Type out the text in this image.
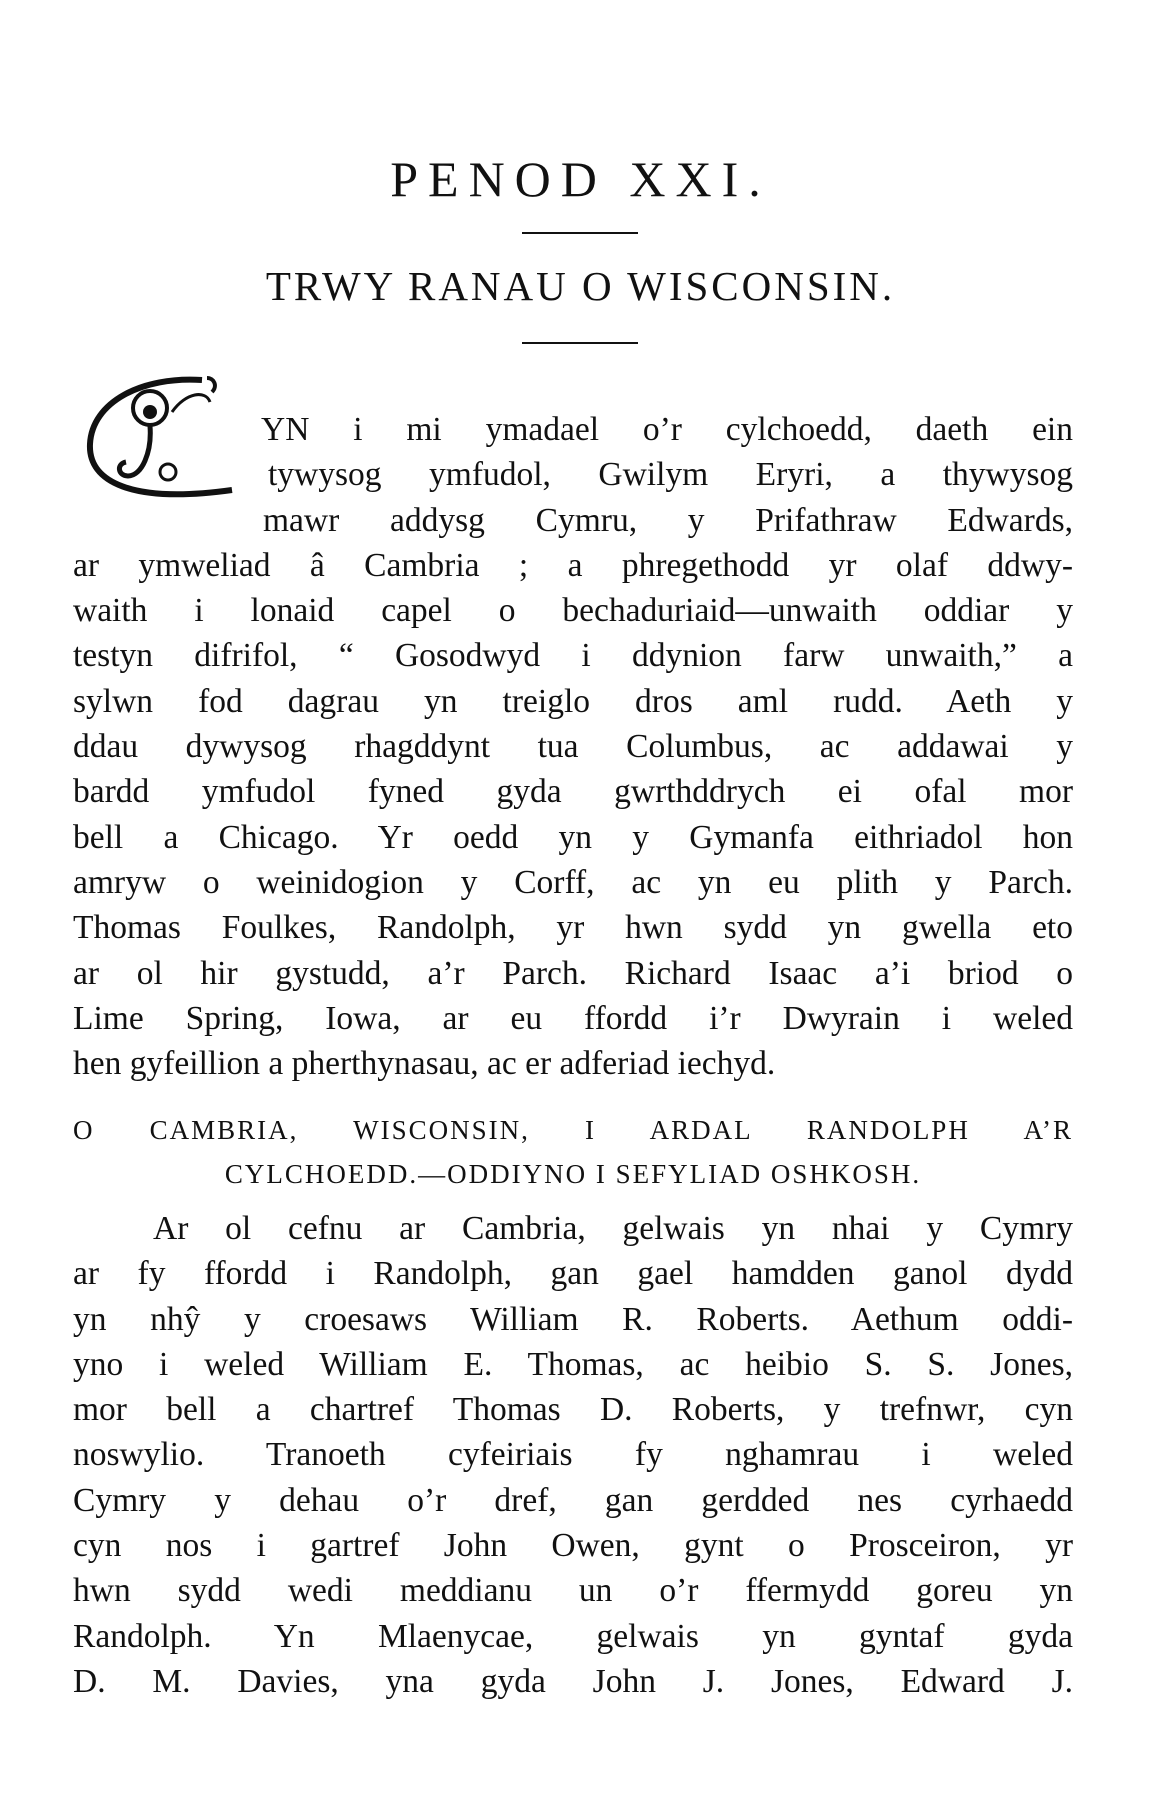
PENOD XXI.
TRWY RANAU O WISCONSIN.
YN i mi ymadael o’r cylchoedd, daeth ein
tywysog ymfudol, Gwilym Eryri, a thywysog
mawr addysg Cymru, y Prifathraw Edwards,
ar ymweliad â Cambria ; a phregethodd yr olaf ddwy-
waith i lonaid capel o bechaduriaid—unwaith oddiar y
testyn difrifol, “ Gosodwyd i ddynion farw unwaith,” a
sylwn fod dagrau yn treiglo dros aml rudd. Aeth y
ddau dywysog rhagddynt tua Columbus, ac addawai y
bardd ymfudol fyned gyda gwrthddrych ei ofal mor
bell a Chicago. Yr oedd yn y Gymanfa eithriadol hon
amryw o weinidogion y Corff, ac yn eu plith y Parch.
Thomas Foulkes, Randolph, yr hwn sydd yn gwella eto
ar ol hir gystudd, a’r Parch. Richard Isaac a’i briod o
Lime Spring, Iowa, ar eu ffordd i’r Dwyrain i weled
hen gyfeillion a pherthynasau, ac er adferiad iechyd.
O CAMBRIA, WISCONSIN, I ARDAL RANDOLPH A’R
CYLCHOEDD.—ODDIYNO I SEFYLIAD OSHKOSH.
Ar ol cefnu ar Cambria, gelwais yn nhai y Cymry
ar fy ffordd i Randolph, gan gael hamdden ganol dydd
yn nhŷ y croesaws William R. Roberts. Aethum oddi-
yno i weled William E. Thomas, ac heibio S. S. Jones,
mor bell a chartref Thomas D. Roberts, y trefnwr, cyn
noswylio. Tranoeth cyfeiriais fy nghamrau i weled
Cymry y dehau o’r dref, gan gerdded nes cyrhaedd
cyn nos i gartref John Owen, gynt o Prosceiron, yr
hwn sydd wedi meddianu un o’r ffermydd goreu yn
Randolph. Yn Mlaenycae, gelwais yn gyntaf gyda
D. M. Davies, yna gyda John J. Jones, Edward J.
